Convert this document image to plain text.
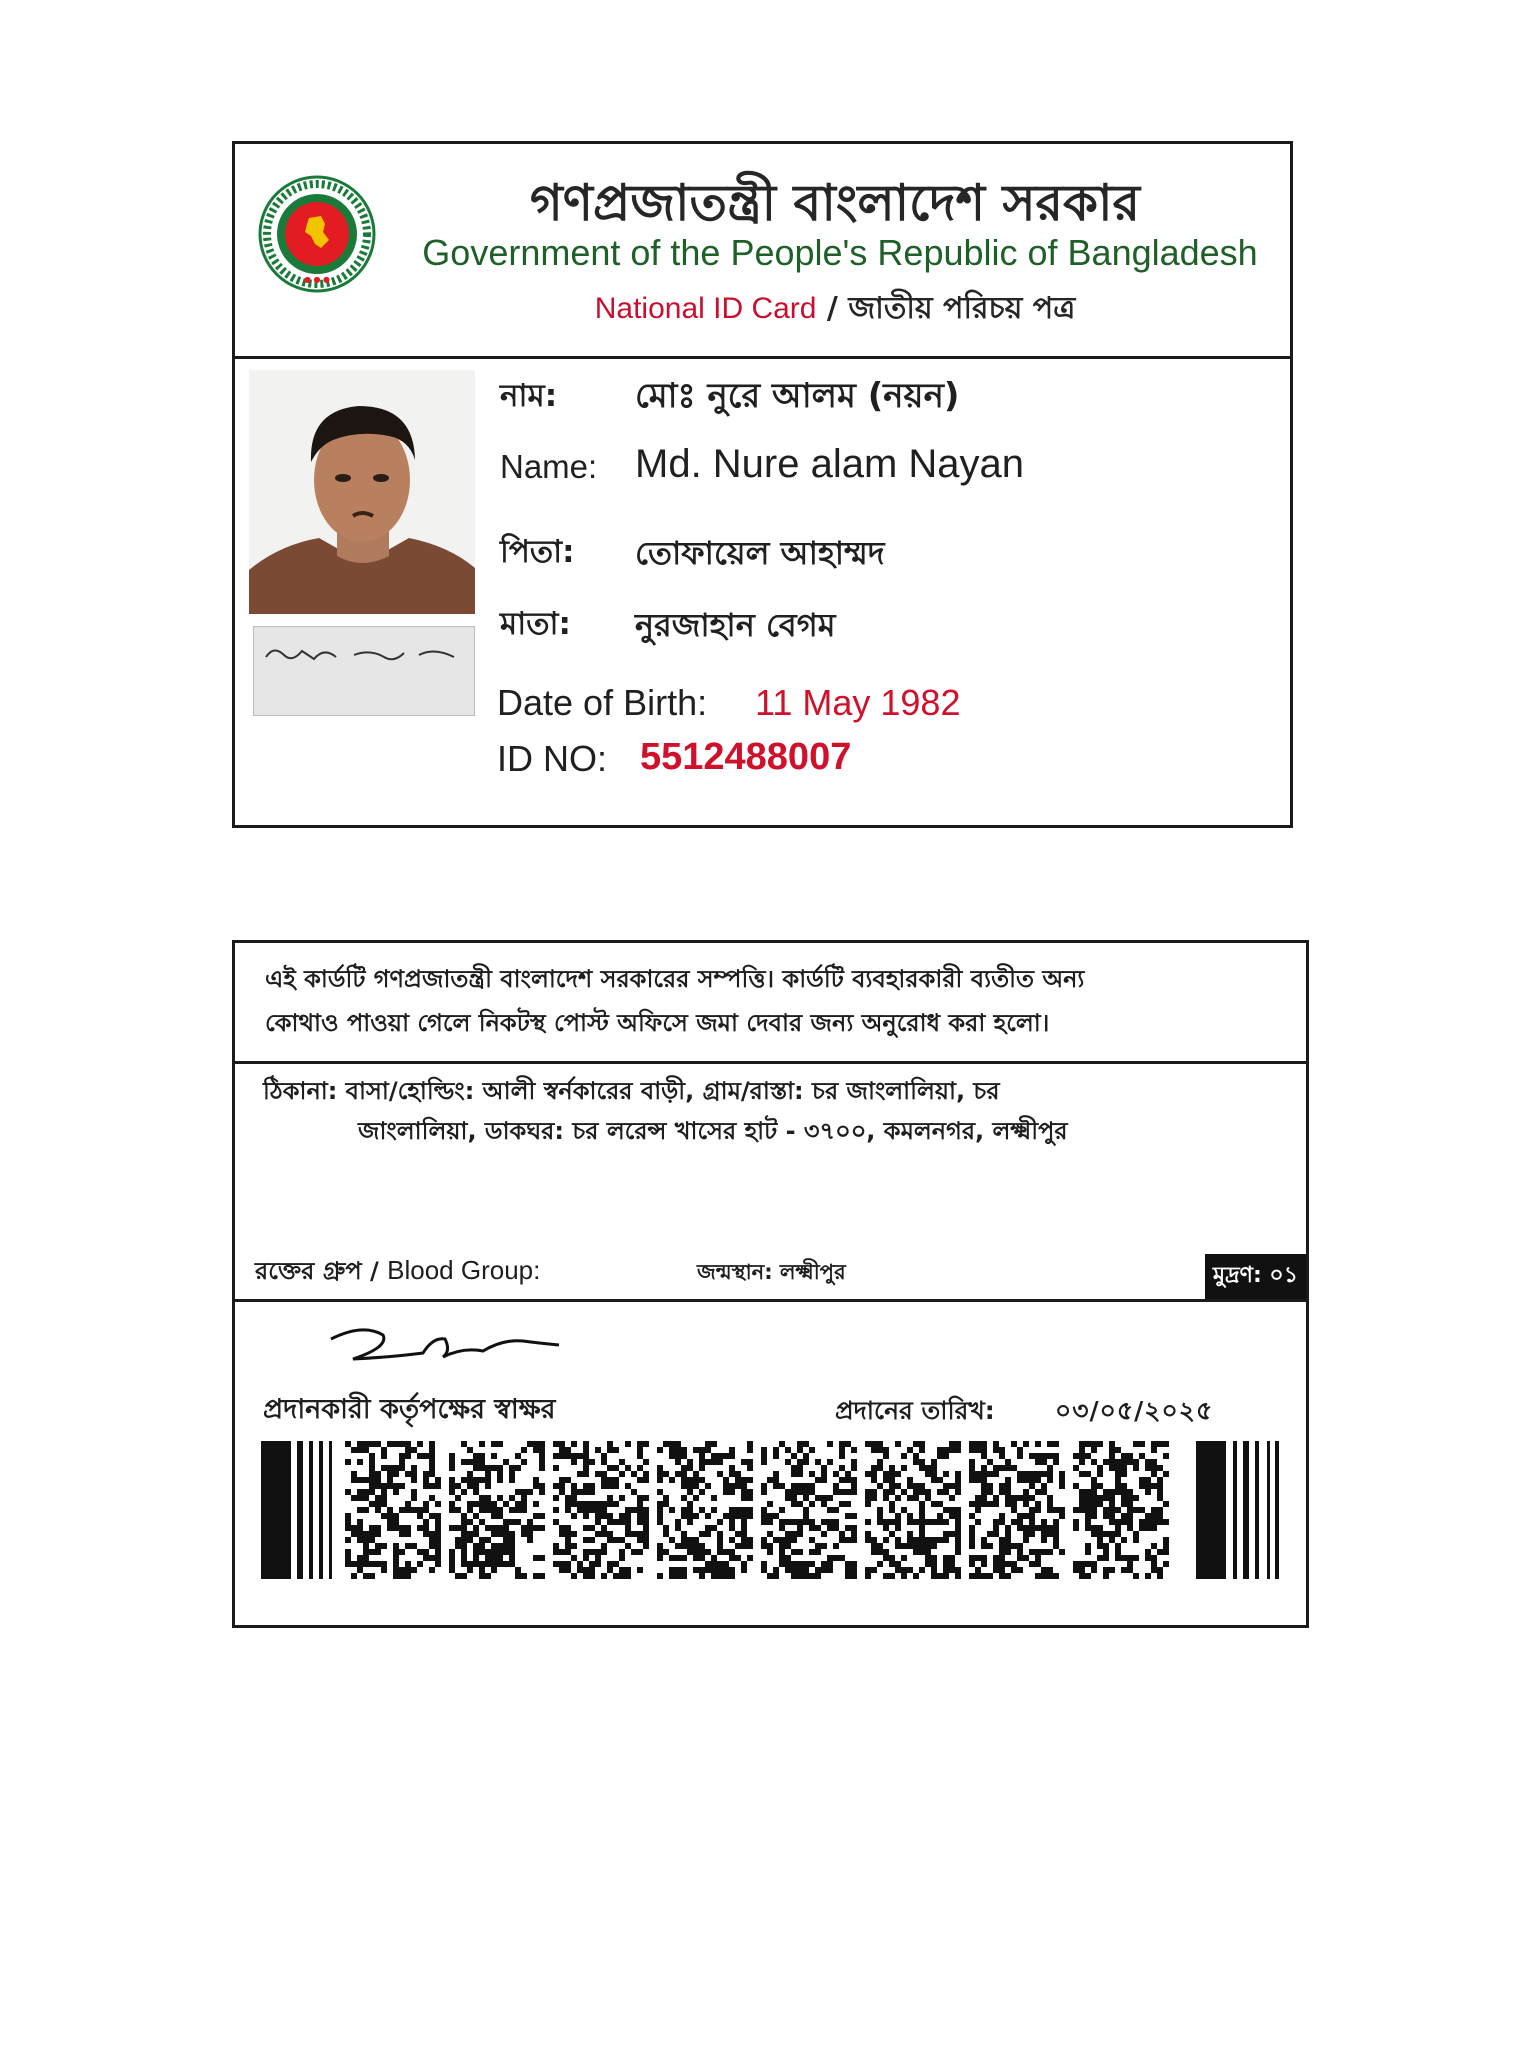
● ● ●
গণপ্রজাতন্ত্রী বাংলাদেশ সরকার
Government of the People's Republic of Bangladesh
National ID Card / জাতীয় পরিচয় পত্র
নাম: মোঃ নুরে আলম (নয়ন)
Name: Md. Nure alam Nayan
পিতা: তোফায়েল আহাম্মদ
মাতা: নুরজাহান বেগম
Date of Birth: 11 May 1982
ID NO: 5512488007
এই কার্ডটি গণপ্রজাতন্ত্রী বাংলাদেশ সরকারের সম্পত্তি। কার্ডটি ব্যবহারকারী ব্যতীত অন্য
কোথাও পাওয়া গেলে নিকটস্থ পোস্ট অফিসে জমা দেবার জন্য অনুরোধ করা হলো।
ঠিকানা: বাসা/হোল্ডিং: আলী স্বর্নকারের বাড়ী, গ্রাম/রাস্তা: চর জাংলালিয়া, চর
জাংলালিয়া, ডাকঘর: চর লরেন্স খাসের হাট - ৩৭০০, কমলনগর, লক্ষ্মীপুর
রক্তের গ্রুপ / Blood Group:	জন্মস্থান: লক্ষ্মীপুর	মুদ্রণ: ০১
প্রদানকারী কর্তৃপক্ষের স্বাক্ষর	প্রদানের তারিখ: ০৩/০৫/২০২৫
